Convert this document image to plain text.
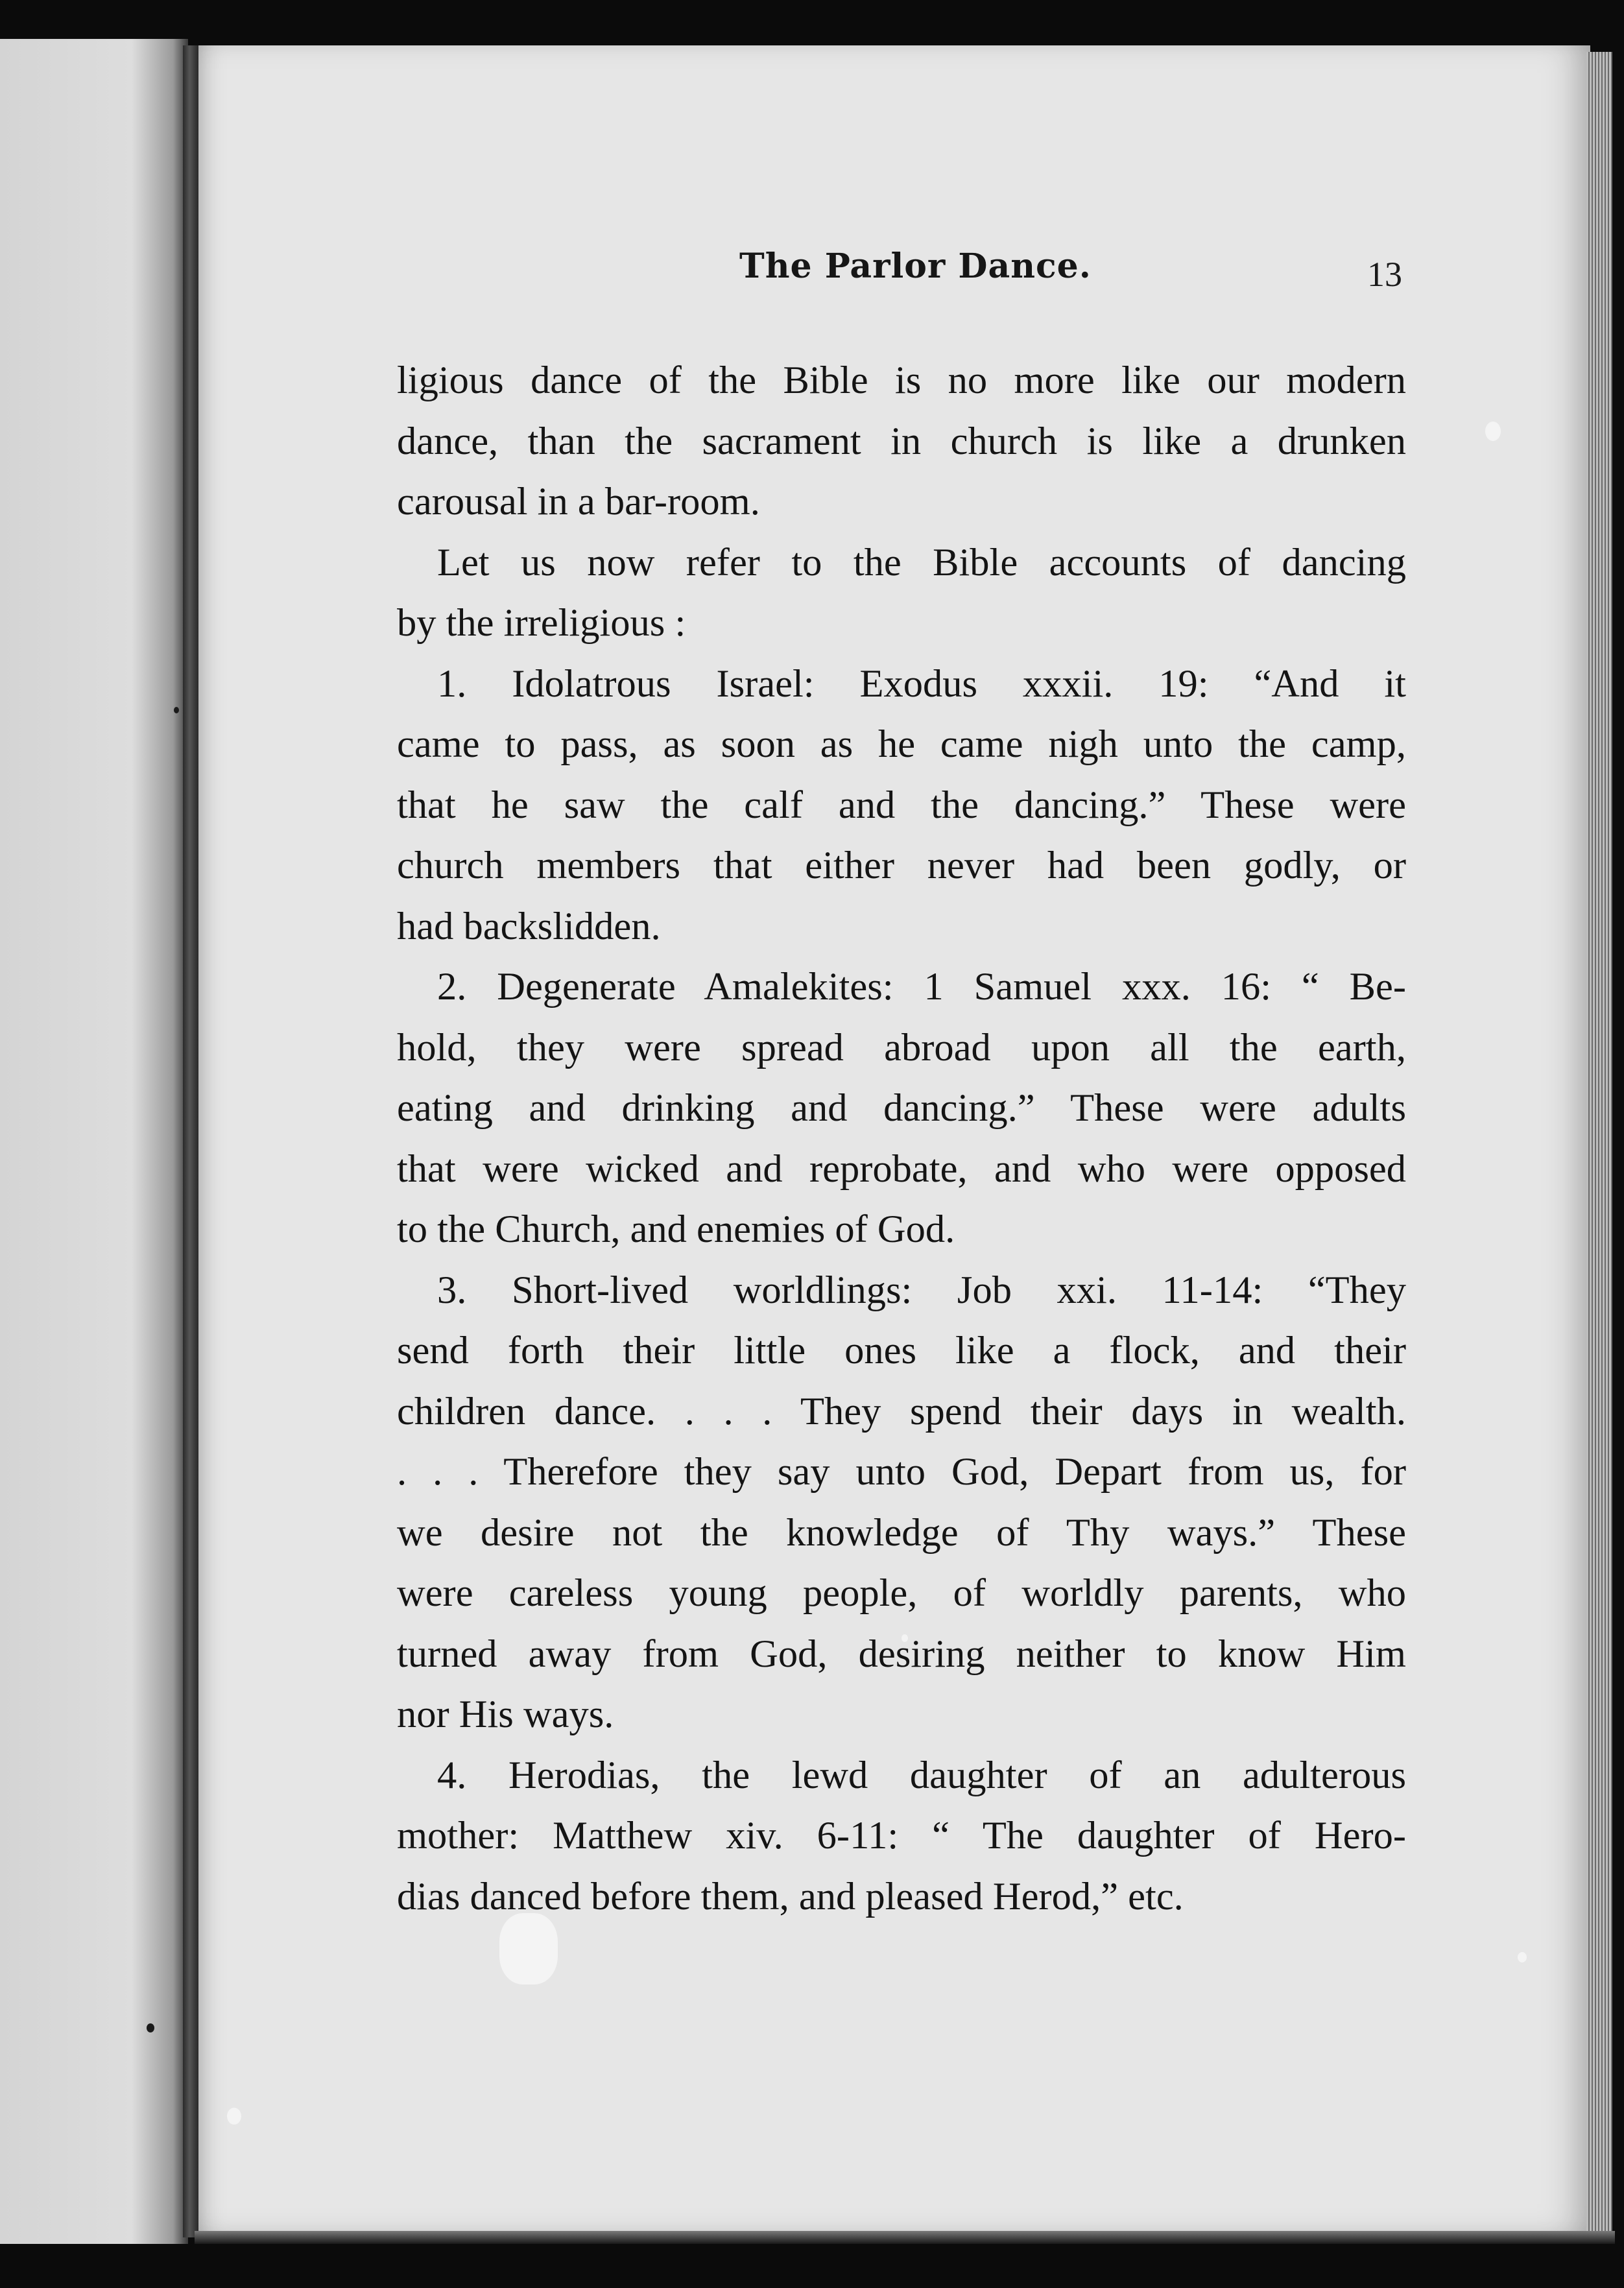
The Parlor Dance.	13
ligious dance of the Bible is no more like our modern
dance, than the sacrament in church is like a drunken
carousal in a bar-room.
Let us now refer to the Bible accounts of dancing
by the irreligious :
1. Idolatrous Israel: Exodus xxxii. 19: “And it
came to pass, as soon as he came nigh unto the camp,
that he saw the calf and the dancing.” These were
church members that either never had been godly, or
had backslidden.
2. Degenerate Amalekites: 1 Samuel xxx. 16: “ Be-
hold, they were spread abroad upon all the earth,
eating and drinking and dancing.” These were adults
that were wicked and reprobate, and who were opposed
to the Church, and enemies of God.
3. Short-lived worldlings: Job xxi. 11-14: “They
send forth their little ones like a flock, and their
children dance. . . . They spend their days in wealth.
. . . Therefore they say unto God, Depart from us, for
we desire not the knowledge of Thy ways.” These
were careless young people, of worldly parents, who
turned away from God, desiring neither to know Him
nor His ways.
4. Herodias, the lewd daughter of an adulterous
mother: Matthew xiv. 6-11: “ The daughter of Hero-
dias danced before them, and pleased Herod,” etc.
